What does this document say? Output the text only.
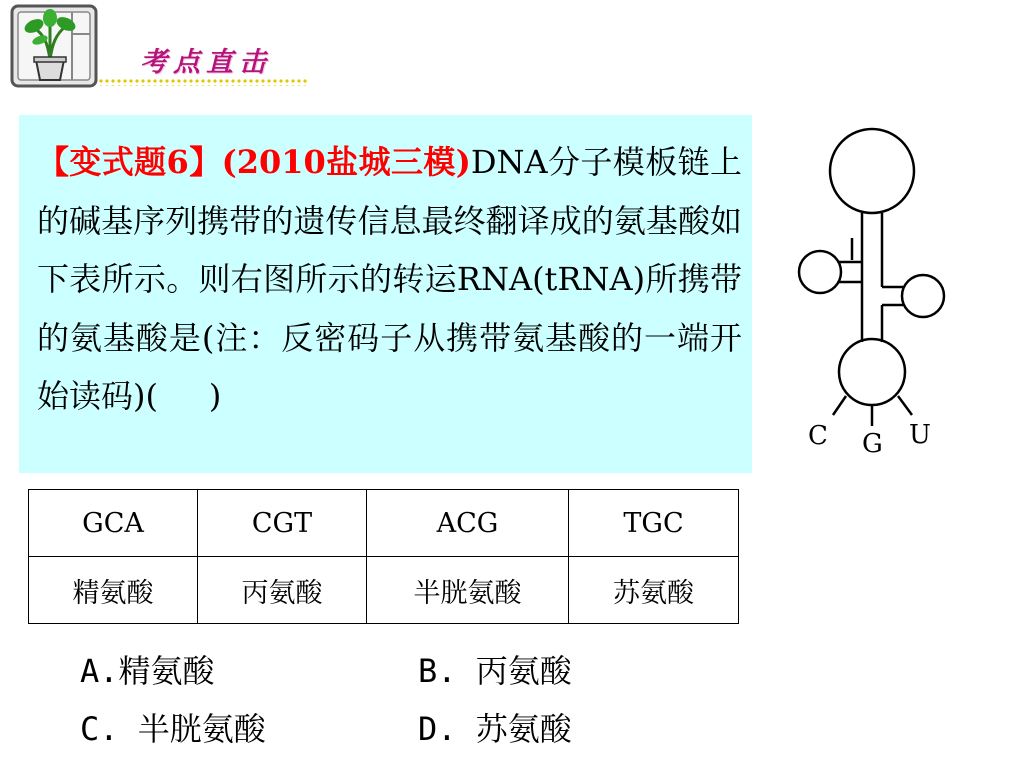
考点直击

【变式题6】(2010盐城三模)DNA分子模板链上的碱基序列携带的遗传信息最终翻译成的氨基酸如下表所示。则右图所示的转运RNA(tRNA)所携带的氨基酸是(注：反密码子从携带氨基酸的一端开始读码)(     )

C G U
GCA	CGT	ACG	TGC
精氨酸	丙氨酸	半胱氨酸	苏氨酸
A.精氨酸	B. 丙氨酸
C. 半胱氨酸	D. 苏氨酸
